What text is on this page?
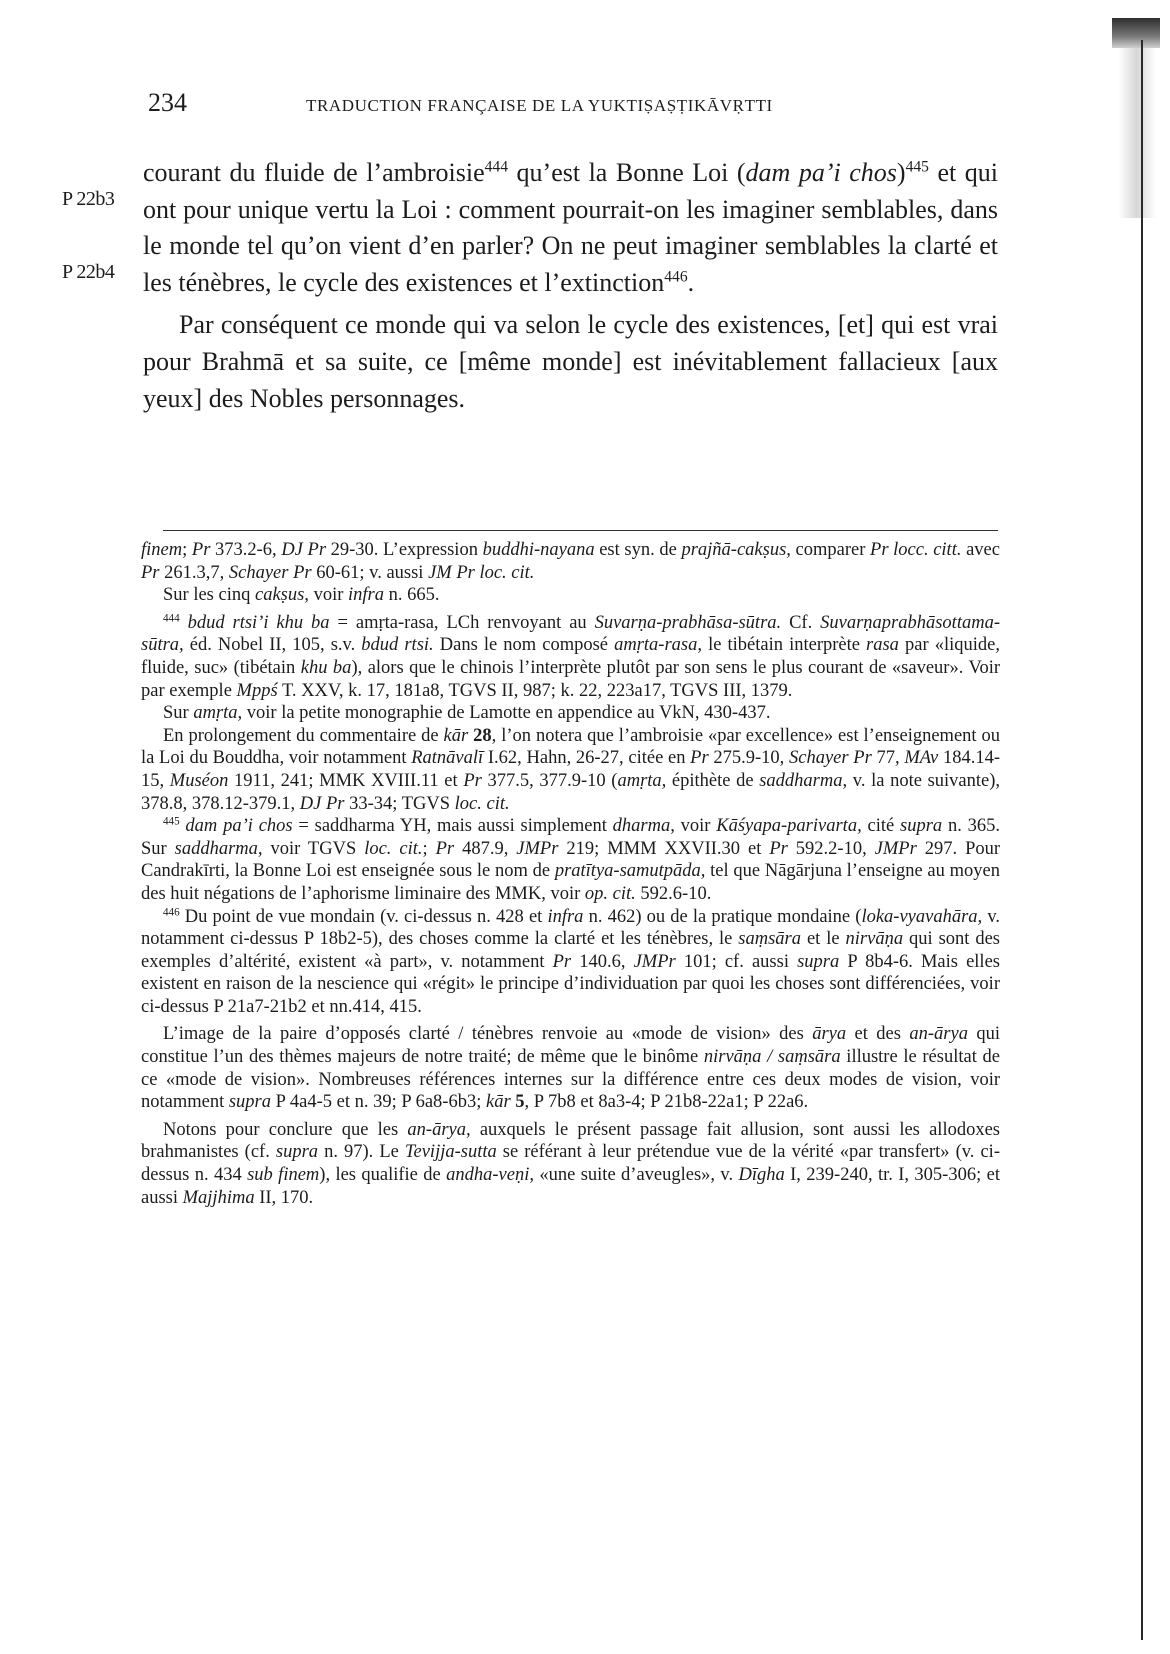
234	TRADUCTION FRANÇAISE DE LA YUKTIṢAṢṬIKĀVṚTTI
P 22b3
P 22b4

courant du fluide de l’ambroisie$^{444}$ qu’est la Bonne Loi (dam pa’i chos)$^{445}$ et qui ont pour unique vertu la Loi : comment pourrait-on les imaginer semblables, dans le monde tel qu’on vient d’en parler? On ne peut imaginer semblables la clarté et les ténèbres, le cycle des existences et l’extinction$^{446}$.

Par conséquent ce monde qui va selon le cycle des existences, [et] qui est vrai pour Brahmā et sa suite, ce [même monde] est inévitablement fallacieux [aux yeux] des Nobles personnages.

finem; Pr 373.2-6, DJ Pr 29-30. L’expression buddhi-nayana est syn. de prajñā-cakṣus, comparer Pr locc. citt. avec Pr 261.3,7, Schayer Pr 60-61; v. aussi JM Pr loc. cit.

Sur les cinq cakṣus, voir infra n. 665.

$^{444}$ bdud rtsi’i khu ba = amṛta-rasa, LCh renvoyant au Suvarṇa-prabhāsa-sūtra. Cf. Suvarṇaprabhāsottama-sūtra, éd. Nobel II, 105, s.v. bdud rtsi. Dans le nom composé amṛta-rasa, le tibétain interprète rasa par «liquide, fluide, suc» (tibétain khu ba), alors que le chinois l’interprète plutôt par son sens le plus courant de «saveur». Voir par exemple Mppś T. XXV, k. 17, 181a8, TGVS II, 987; k. 22, 223a17, TGVS III, 1379.

Sur amṛta, voir la petite monographie de Lamotte en appendice au VkN, 430-437.

En prolongement du commentaire de kār 28, l’on notera que l’ambroisie «par excellence» est l’enseignement ou la Loi du Bouddha, voir notamment Ratnāvalī I.62, Hahn, 26-27, citée en Pr 275.9-10, Schayer Pr 77, MAv 184.14-15, Muséon 1911, 241; MMK XVIII.11 et Pr 377.5, 377.9-10 (amṛta, épithète de saddharma, v. la note suivante), 378.8, 378.12-379.1, DJ Pr 33-34; TGVS loc. cit.

$^{445}$ dam pa’i chos = saddharma YH, mais aussi simplement dharma, voir Kāśyapa-parivarta, cité supra n. 365. Sur saddharma, voir TGVS loc. cit.; Pr 487.9, JMPr 219; MMM XXVII.30 et Pr 592.2-10, JMPr 297. Pour Candrakīrti, la Bonne Loi est enseignée sous le nom de pratītya-samutpāda, tel que Nāgārjuna l’enseigne au moyen des huit négations de l’aphorisme liminaire des MMK, voir op. cit. 592.6-10.

$^{446}$ Du point de vue mondain (v. ci-dessus n. 428 et infra n. 462) ou de la pratique mondaine (loka-vyavahāra, v. notamment ci-dessus P 18b2-5), des choses comme la clarté et les ténèbres, le saṃsāra et le nirvāṇa qui sont des exemples d’altérité, existent «à part», v. notamment Pr 140.6, JMPr 101; cf. aussi supra P 8b4-6. Mais elles existent en raison de la nescience qui «régit» le principe d’individuation par quoi les choses sont différenciées, voir ci-dessus P 21a7-21b2 et nn.414, 415.

L’image de la paire d’opposés clarté / ténèbres renvoie au «mode de vision» des ārya et des an-ārya qui constitue l’un des thèmes majeurs de notre traité; de même que le binôme nirvāṇa / saṃsāra illustre le résultat de ce «mode de vision». Nombreuses références internes sur la différence entre ces deux modes de vision, voir notamment supra P 4a4-5 et n. 39; P 6a8-6b3; kār 5, P 7b8 et 8a3-4; P 21b8-22a1; P 22a6.

Notons pour conclure que les an-ārya, auxquels le présent passage fait allusion, sont aussi les allodoxes brahmanistes (cf. supra n. 97). Le Tevijja-sutta se référant à leur prétendue vue de la vérité «par transfert» (v. ci-dessus n. 434 sub finem), les qualifie de andha-veṇi, «une suite d’aveugles», v. Dīgha I, 239-240, tr. I, 305-306; et aussi Majjhima II, 170.
